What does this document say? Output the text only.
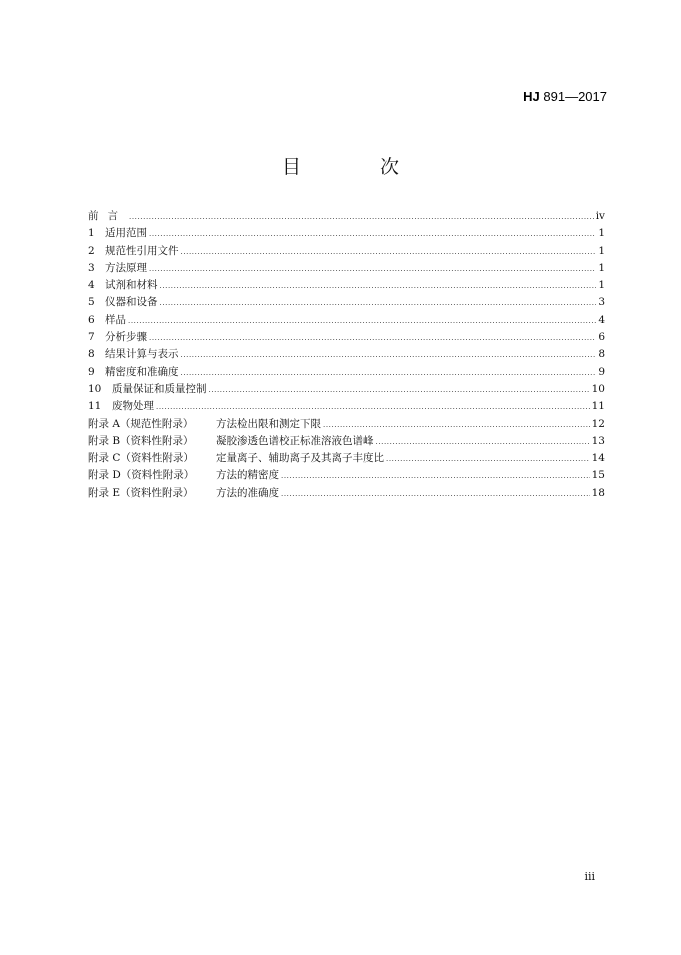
HJ 891—2017
目　次
前言 .....	iv
1 适用范围 .....	1
2 规范性引用文件 .....	1
3 方法原理 .....	1
4 试剂和材料 .....	1
5 仪器和设备 .....	3
6 样品 .....	4
7 分析步骤 .....	6
8 结果计算与表示 .....	8
9 精密度和准确度 .....	9
10	质量保证和质量控制 .....	10
11	废物处理 .....	11
附录 A（规范性附录）	方法检出限和测定下限 .....	12
附录 B（资料性附录）	凝胶渗透色谱校正标准溶液色谱峰 .....	13
附录 C（资料性附录）	定量离子、辅助离子及其离子丰度比 .....	14
附录 D（资料性附录）	方法的精密度 .....	15
附录 E（资料性附录）	方法的准确度 .....	18
iii
